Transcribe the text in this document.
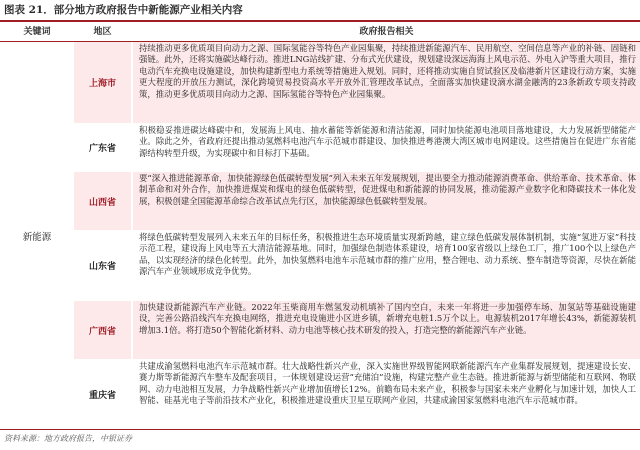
图表 21．部分地方政府报告中新能源产业相关内容
关键词	地区	政府报告相关
新能源
上海市
持续推动更多优质项目向动力之源、国际氢能谷等特色产业园集聚，持续推进新能源汽车、民用航空、空间信息等产业的补链、固链和强链。此外，还将实施碳达峰行动。推进LNG站线扩建、分布式光伏建设，规划建设深远海海上风电示范、外电入沪等重大项目，推行电动汽车充换电设施建设，加快构建新型电力系统等措施进入规划。同时，还将推动实施自贸试验区及临港新片区建设行动方案，实施更大程度的开放压力测试，深化跨境贸易投资高水平开放外汇管理改革试点，全面落实加快建设滴水湖金融湾的23条新政专项支持政策，推动更多优质项目向动力之源、国际氢能谷等特色产业园集聚。
广东省
积极稳妥推进碳达峰碳中和，发展海上风电、抽水蓄能等新能源和清洁能源，同时加快能源电池项目落地建设，大力发展新型储能产业。除此之外，省政府还提出推动氢燃料电池汽车示范城市群建设、加快推进粤港澳大湾区城市电网建设。这些措施旨在促进广东省能源结构转型升级，为实现碳中和目标打下基础。
山西省
要“深入推进能源革命，加快能源绿色低碳转型发展”列入未来五年发展规划，提出要全力推动能源消费革命、供给革命、技术革命、体制革命和对外合作，加快推进煤炭和煤电的绿色低碳转型，促进煤电和新能源的协同发展，推动能源产业数字化和降碳技术一体化发展，积极创建全国能源革命综合改革试点先行区，加快能源绿色低碳转型发展。
山东省
将绿色低碳转型发展列入未来五年的目标任务，积极推进生态环境质量实现新跨越，建立绿色低碳发展体制机制，实施“氢进万家”科技示范工程，建设海上风电等五大清洁能源基地。同时，加强绿色制造体系建设，培育100家省级以上绿色工厂，推广100个以上绿色产品，以实现经济的绿色化转型。此外，加快氢燃料电池车示范城市群的推广应用，整合锂电、动力系统、整车制造等资源，尽快在新能源汽车产业领域形成竞争优势。
广西省
加快建设新能源汽车产业链。2022年玉柴商用车燃氢发动机填补了国内空白，未来一年将进一步加强停车场、加氢站等基础设施建设，完善公路沿线汽车充换电网络，推进充电设施进小区进乡镇，新增充电桩1.5万个以上。电源装机2017年增长43%，新能源装机增加3.1倍。将打造50个智能化新材料、动力电池等核心技术研发的投入，打造完整的新能源汽车产业链。
重庆省
共建成渝氢燃料电池汽车示范城市群。壮大战略性新兴产业，深入实施世界级智能网联新能源汽车产业集群发展规划，提速建设长安、赛力斯等新能源汽车整车及配套项目，一体规划建设运营“充储泊”设施，构建完整产业生态链。推进新能源与新型储能和互联网、物联网、动力电池相互发展，力争战略性新兴产业增加值增长12%。前瞻布局未来产业，积极参与国家未来产业孵化与加速计划，加快人工智能、硅基光电子等前沿技术产业化，积极推进建设重庆卫星互联网产业园，共建成渝国家氢燃料电池汽车示范城市群。
资料来源：地方政府报告，中银证券
